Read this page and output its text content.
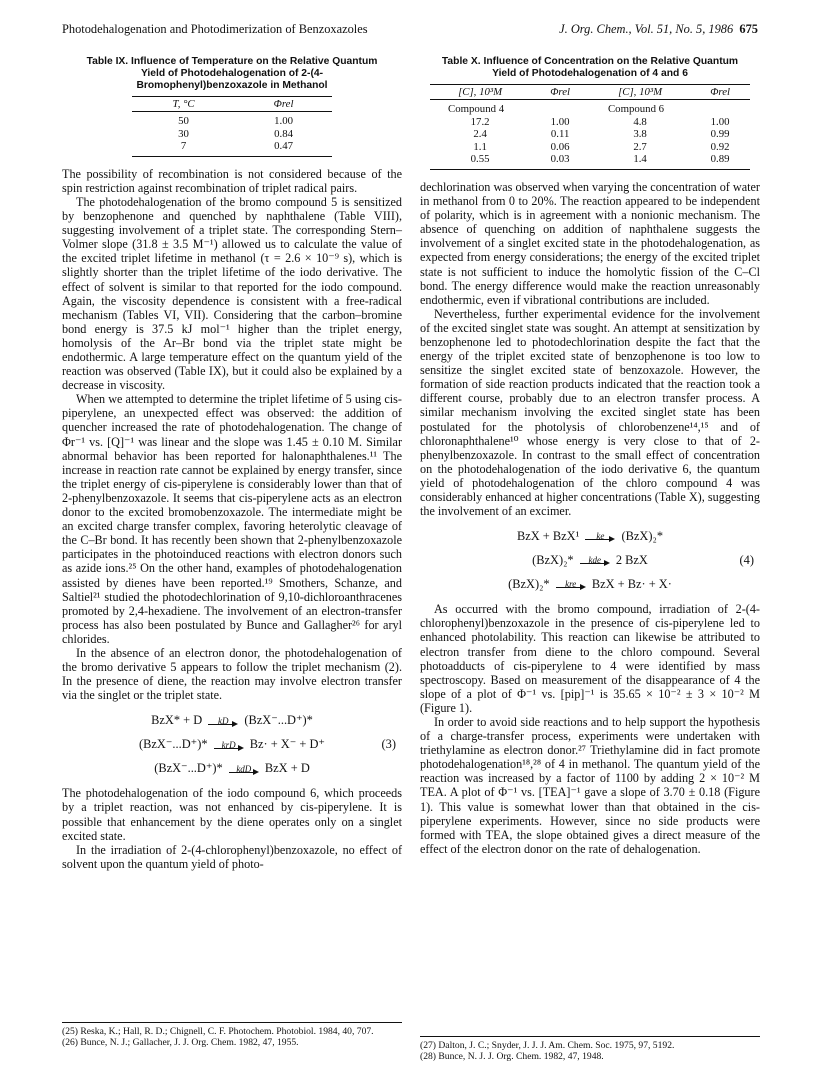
Photodehalogenation and Photodimerization of Benzoxazoles	J. Org. Chem., Vol. 51, No. 5, 1986 675
Table IX. Influence of Temperature on the Relative Quantum Yield of Photodehalogenation of 2-(4-Bromophenyl)benzoxazole in Methanol
T, °C	Φrel
50	1.00
30	0.84
7	0.47

The possibility of recombination is not considered because of the spin restriction against recombination of triplet radical pairs.

The photodehalogenation of the bromo compound 5 is sensitized by benzophenone and quenched by naphthalene (Table VIII), suggesting involvement of a triplet state. The corresponding Stern–Volmer slope (31.8 ± 3.5 M⁻¹) allowed us to calculate the value of the excited triplet lifetime in methanol (τ = 2.6 × 10⁻⁹ s), which is slightly shorter than the triplet lifetime of the iodo derivative. The effect of solvent is similar to that reported for the iodo compound. Again, the viscosity dependence is consistent with a free-radical mechanism (Tables VI, VII). Considering that the carbon–bromine bond energy is 37.5 kJ mol⁻¹ higher than the triplet energy, homolysis of the Ar–Br bond via the triplet state might be endothermic. A large temperature effect on the quantum yield of the reaction was observed (Table IX), but it could also be explained by a decrease in viscosity.

When we attempted to determine the triplet lifetime of 5 using cis-piperylene, an unexpected effect was observed: the addition of quencher increased the rate of photodehalogenation. The change of Φr⁻¹ vs. [Q]⁻¹ was linear and the slope was 1.45 ± 0.10 M. Similar abnormal behavior has been reported for halonaphthalenes.¹¹ The increase in reaction rate cannot be explained by energy transfer, since the triplet energy of cis-piperylene is considerably lower than that of 2-phenylbenzoxazole. It seems that cis-piperylene acts as an electron donor to the excited bromobenzoxazole. The intermediate might be an excited charge transfer complex, favoring heterolytic cleavage of the C–Br bond. It has recently been shown that 2-phenylbenzoxazole participates in the photoinduced reactions with electron donors such as azide ions.²⁵ On the other hand, examples of photodehalogenation assisted by dienes have been reported.¹⁹ Smothers, Schanze, and Saltiel²¹ studied the photodechlorination of 9,10-dichloroanthracenes promoted by 2,4-hexadiene. The involvement of an electron-transfer process has also been postulated by Bunce and Gallagher²⁶ for aryl chlorides.

In the absence of an electron donor, the photodehalogenation of the bromo derivative 5 appears to follow the triplet mechanism (2). In the presence of diene, the reaction may involve electron transfer via the singlet or the triplet state.

BzX* + D	kD	(BzX⁻...D⁺)*
(BzX⁻...D⁺)*	krD	Bz· + X⁻ + D⁺
(BzX⁻...D⁺)*	kdD	BzX + D
(3)

The photodehalogenation of the iodo compound 6, which proceeds by a triplet reaction, was not enhanced by cis-piperylene. It is possible that enhancement by the diene operates only on a singlet excited state.

In the irradiation of 2-(4-chlorophenyl)benzoxazole, no effect of solvent upon the quantum yield of photo-

Table X. Influence of Concentration on the Relative Quantum Yield of Photodehalogenation of 4 and 6
[C], 10³M	Φrel	[C], 10³M	Φrel
Compound 4		Compound 6	
17.2	1.00	4.8	1.00
2.4	0.11	3.8	0.99
1.1	0.06	2.7	0.92
0.55	0.03	1.4	0.89

dechlorination was observed when varying the concentration of water in methanol from 0 to 20%. The reaction appeared to be independent of polarity, which is in agreement with a nonionic mechanism. The absence of quenching on addition of naphthalene suggests the involvement of a singlet excited state in the photodehalogenation, as expected from energy considerations; the energy of the excited triplet state is not sufficient to induce the homolytic fission of the C–Cl bond. The energy difference would make the reaction unreasonably endothermic, even if vibrational contributions are included.

Nevertheless, further experimental evidence for the involvement of the excited singlet state was sought. An attempt at sensitization by benzophenone led to photodechlorination despite the fact that the energy of the triplet excited state of benzophenone is too low to sensitize the singlet excited state of benzoxazole. However, the formation of side reaction products indicated that the reaction took a different course, probably due to an electron transfer process. A similar mechanism involving the excited singlet state has been postulated for the photolysis of chlorobenzene¹⁴,¹⁵ and of chloronaphthalene¹⁰ whose energy is very close to that of 2-phenylbenzoxazole. In contrast to the small effect of concentration on the photodehalogenation of the iodo derivative 6, the quantum yield of photodehalogenation of the chloro compound 4 was considerably enhanced at higher concentrations (Table X), suggesting the involvement of an excimer.

BzX + BzX¹	ke	(BzX)₂*
(BzX)₂*	kde	2 BzX
(BzX)₂*	kre	BzX + Bz· + X·
(4)

As occurred with the bromo compound, irradiation of 2-(4-chlorophenyl)benzoxazole in the presence of cis-piperylene led to enhanced photolability. This reaction can likewise be attributed to electron transfer from diene to the chloro compound. Several photoadducts of cis-piperylene to 4 were identified by mass spectroscopy. Based on measurement of the disappearance of 4 the slope of a plot of Φ⁻¹ vs. [pip]⁻¹ is 35.65 × 10⁻² ± 3 × 10⁻² M (Figure 1).

In order to avoid side reactions and to help support the hypothesis of a charge-transfer process, experiments were undertaken with triethylamine as electron donor.²⁷ Triethylamine did in fact promote photodehalogenation¹⁸,²⁸ of 4 in methanol. The quantum yield of the reaction was increased by a factor of 1100 by adding 2 × 10⁻² M TEA. A plot of Φ⁻¹ vs. [TEA]⁻¹ gave a slope of 3.70 ± 0.18 (Figure 1). This value is somewhat lower than that obtained in the cis-piperylene experiments. However, since no side products were formed with TEA, the slope obtained gives a direct measure of the effect of the electron donor on the rate of dehalogenation.

(25) Reska, K.; Hall, R. D.; Chignell, C. F. Photochem. Photobiol. 1984, 40, 707.
(26) Bunce, N. J.; Gallacher, J. J. Org. Chem. 1982, 47, 1955.	(27) Dalton, J. C.; Snyder, J. J. J. Am. Chem. Soc. 1975, 97, 5192.
(28) Bunce, N. J. J. Org. Chem. 1982, 47, 1948.
